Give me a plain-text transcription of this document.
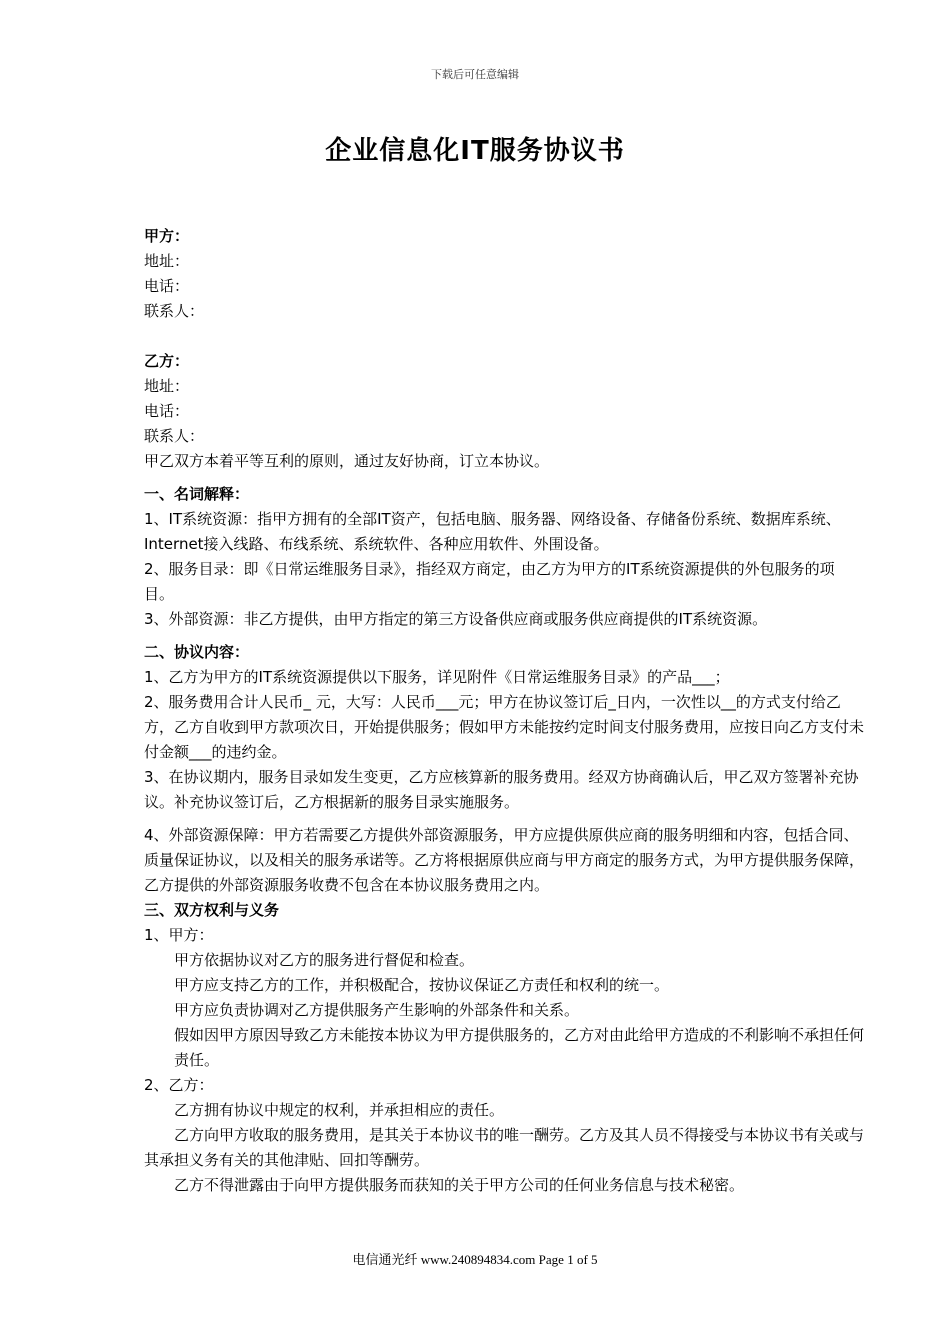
下载后可任意编辑
企业信息化IT服务协议书

甲方：

地址：

电话：

联系人：

乙方：

地址：

电话：

联系人：

甲乙双方本着平等互利的原则，通过友好协商，订立本协议。

一、名词解释：

1、IT系统资源：指甲方拥有的全部IT资产，包括电脑、服务器、网络设备、存储备份系统、数据库系统、Internet接入线路、布线系统、系统软件、各种应用软件、外围设备。

2、服务目录：即《日常运维服务目录》，指经双方商定，由乙方为甲方的IT系统资源提供的外包服务的项目。

3、外部资源：非乙方提供，由甲方指定的第三方设备供应商或服务供应商提供的IT系统资源。

二、协议内容：

1、乙方为甲方的IT系统资源提供以下服务，详见附件《日常运维服务目录》的产品___；

2、服务费用合计人民币_ 元，大写：人民币___元；甲方在协议签订后_日内，一次性以__的方式支付给乙方，乙方自收到甲方款项次日，开始提供服务；假如甲方未能按约定时间支付服务费用，应按日向乙方支付未付金额___的违约金。

3、在协议期内，服务目录如发生变更，乙方应核算新的服务费用。经双方协商确认后，甲乙双方签署补充协议。补充协议签订后，乙方根据新的服务目录实施服务。

4、外部资源保障：甲方若需要乙方提供外部资源服务，甲方应提供原供应商的服务明细和内容，包括合同、质量保证协议，以及相关的服务承诺等。乙方将根据原供应商与甲方商定的服务方式，为甲方提供服务保障，乙方提供的外部资源服务收费不包含在本协议服务费用之内。

三、双方权利与义务

1、甲方：

甲方依据协议对乙方的服务进行督促和检查。

甲方应支持乙方的工作，并积极配合，按协议保证乙方责任和权利的统一。

甲方应负责协调对乙方提供服务产生影响的外部条件和关系。

假如因甲方原因导致乙方未能按本协议为甲方提供服务的，乙方对由此给甲方造成的不利影响不承担任何责任。

2、乙方：

乙方拥有协议中规定的权利，并承担相应的责任。

乙方向甲方收取的服务费用，是其关于本协议书的唯一酬劳。乙方及其人员不得接受与本协议书有关或与其承担义务有关的其他津贴、回扣等酬劳。

乙方不得泄露由于向甲方提供服务而获知的关于甲方公司的任何业务信息与技术秘密。

电信通光纤 www.240894834.com Page 1 of 5
